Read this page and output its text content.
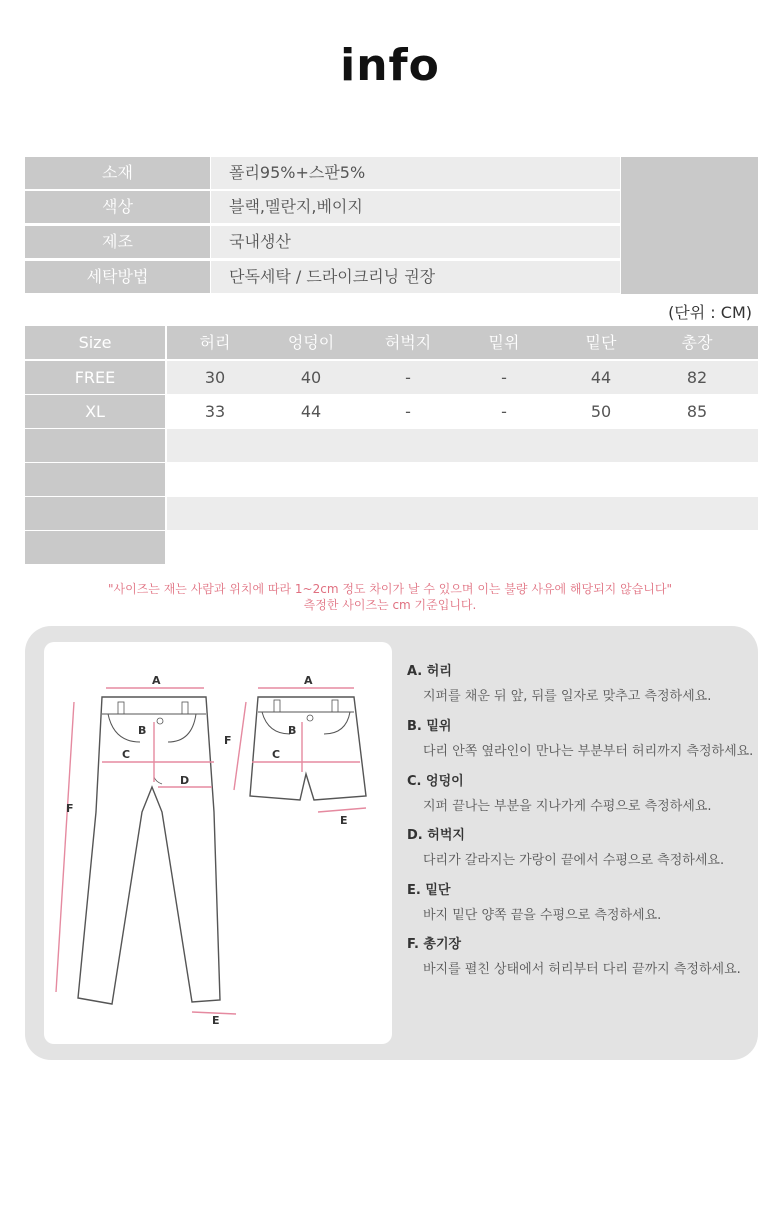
info
소재	폴리95%+스판5%
색상	블랙,멜란지,베이지
제조	국내생산
세탁방법	단독세탁 / 드라이크리닝 권장
(단위 : CM)
Size	허리	엉덩이	허벅지	밑위	밑단	총장
FREE	30	40	-	-	44	82
XL	33	44	-	-	50	85
"사이즈는 재는 사람과 위치에 따라 1~2cm 정도 차이가 날 수 있으며 이는 불량 사유에 해당되지 않습니다"
측정한 사이즈는 cm 기준입니다.
A
B
C
D
F
E
A
B
C
F
E
A. 허리
지퍼를 채운 뒤 앞, 뒤를 일자로 맞추고 측정하세요.
B. 밑위
다리 안쪽 옆라인이 만나는 부분부터 허리까지 측정하세요.
C. 엉덩이
지퍼 끝나는 부분을 지나가게 수평으로 측정하세요.
D. 허벅지
다리가 갈라지는 가랑이 끝에서 수평으로 측정하세요.
E. 밑단
바지 밑단 양쪽 끝을 수평으로 측정하세요.
F. 총기장
바지를 펼친 상태에서 허리부터 다리 끝까지 측정하세요.
